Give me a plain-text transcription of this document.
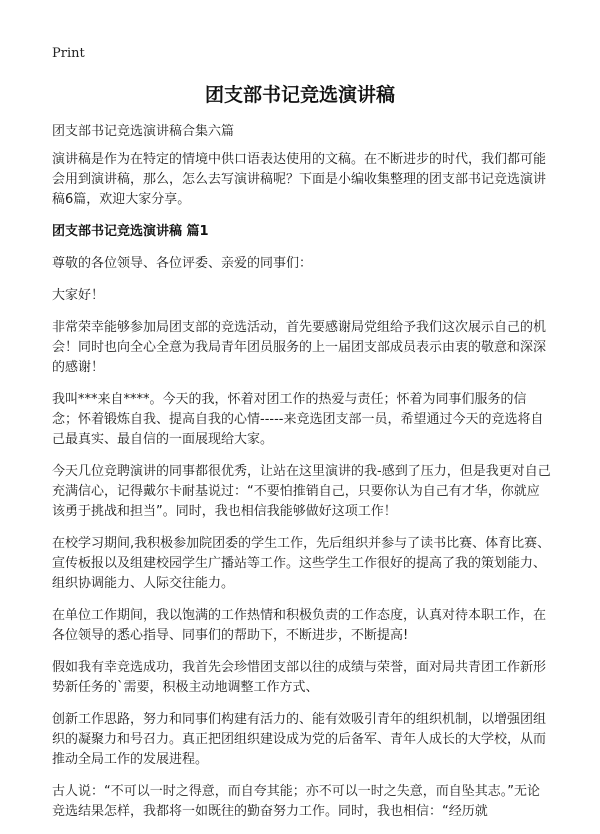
Print
团支部书记竞选演讲稿
团支部书记竞选演讲稿合集六篇

演讲稿是作为在特定的情境中供口语表达使用的文稿。在不断进步的时代，我们都可能会用到演讲稿，那么，怎么去写演讲稿呢？下面是小编收集整理的团支部书记竞选演讲稿6篇，欢迎大家分享。

团支部书记竞选演讲稿 篇1

尊敬的各位领导、各位评委、亲爱的同事们：

大家好！

非常荣幸能够参加局团支部的竞选活动，首先要感谢局党组给予我们这次展示自己的机会！同时也向全心全意为我局青年团员服务的上一届团支部成员表示由衷的敬意和深深的感谢！

我叫***来自****。今天的我，怀着对团工作的热爱与责任；怀着为同事们服务的信念；怀着锻炼自我、提高自我的心情-----来竞选团支部一员，希望通过今天的竞选将自己最真实、最自信的一面展现给大家。

今天几位竞聘演讲的同事都很优秀，让站在这里演讲的我-感到了压力，但是我更对自己充满信心，记得戴尔卡耐基说过：“不要怕推销自己，只要你认为自己有才华，你就应该勇于挑战和担当”。同时，我也相信我能够做好这项工作！

在校学习期间,我积极参加院团委的学生工作，先后组织并参与了读书比赛、体育比赛、宣传板报以及组建校园学生广播站等工作。这些学生工作很好的提高了我的策划能力、组织协调能力、人际交往能力。

在单位工作期间，我以饱满的工作热情和积极负责的工作态度，认真对待本职工作，在各位领导的悉心指导、同事们的帮助下，不断进步，不断提高!

假如我有幸竞选成功，我首先会珍惜团支部以往的成绩与荣誉，面对局共青团工作新形势新任务的`需要，积极主动地调整工作方式、

创新工作思路，努力和同事们构建有活力的、能有效吸引青年的组织机制，以增强团组织的凝聚力和号召力。真正把团组织建设成为党的后备军、青年人成长的大学校，从而推动全局工作的发展进程。

古人说：“不可以一时之得意，而自夸其能；亦不可以一时之失意，而自坠其志。”无论竞选结果怎样，我都将一如既往的勤奋努力工作。同时，我也相信：“经历就
